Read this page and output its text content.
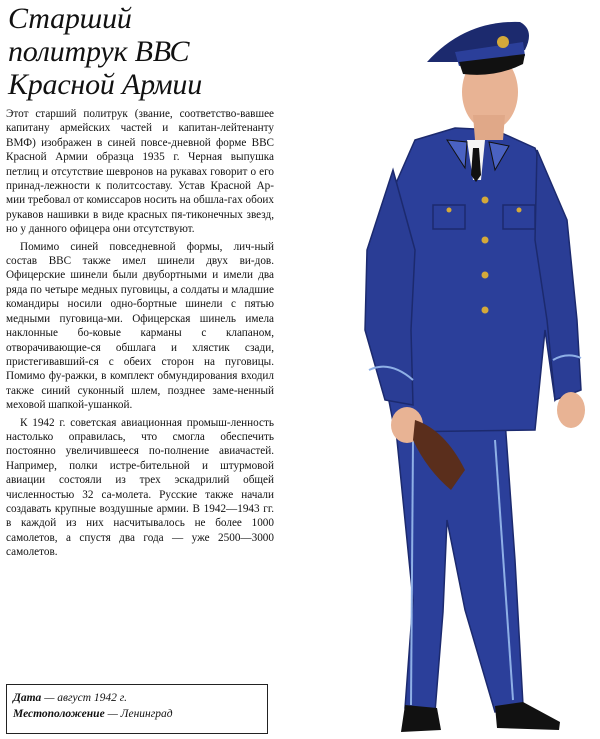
Старший
политрук ВВС
Красной Армии

Этот старший политрук (звание, соответство-вавшее капитану армейских частей и капитан-лейтенанту ВМФ) изображен в синей повсе-дневной форме ВВС Красной Армии образца 1935 г. Черная выпушка петлиц и отсутствие шевронов на рукавах говорит о его принад-лежности к политсоставу. Устав Красной Ар-мии требовал от комиссаров носить на обшла-гах обоих рукавов нашивки в виде красных пя-тиконечных звезд, но у данного офицера они отсутствуют.

Помимо синей повседневной формы, лич-ный состав ВВС также имел шинели двух ви-дов. Офицерские шинели были двубортными и имели два ряда по четыре медных пуговицы, а солдаты и младшие командиры носили одно-бортные шинели с пятью медными пуговица-ми. Офицерская шинель имела наклонные бо-ковые карманы с клапаном, отворачивающие-ся обшлага и хлястик сзади, пристегивавший-ся с обеих сторон на пуговицы. Помимо фу-ражки, в комплект обмундирования входил также синий суконный шлем, позднее заме-ненный меховой шапкой-ушанкой.

К 1942 г. советская авиационная промыш-ленность настолько оправилась, что смогла обеспечить постоянно увеличившееся по-полнение авиачастей. Например, полки истре-бительной и штурмовой авиации состояли из трех эскадрилий общей численностью 32 са-молета. Русские также начали создавать крупные воздушные армии. В 1942—1943 гг. в каждой из них насчитывалось не более 1000 самолетов, а спустя два года — уже 2500—3000 самолетов.

Дата — август 1942 г.
Местоположение — Ленинград
